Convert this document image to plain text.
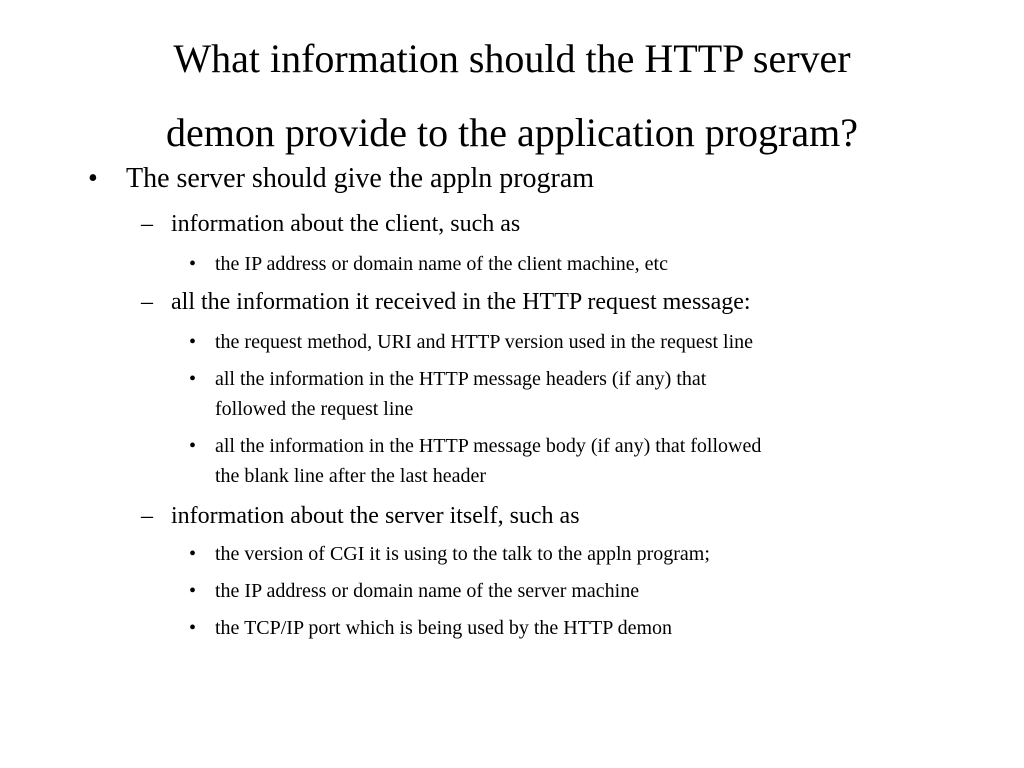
What information should the HTTP server
demon provide to the application program?
• The server should give the appln program
– information about the client, such as
• the IP address or domain name of the client machine, etc
– all the information it received in the HTTP request message:
• the request method, URI and HTTP version used in the request line
• all the information in the HTTP message headers (if any) that
followed the request line
• all the information in the HTTP message body (if any) that followed
the blank line after the last header
– information about the server itself, such as
• the version of CGI it is using to the talk to the appln program;
• the IP address or domain name of the server machine
• the TCP/IP port which is being used by the HTTP demon
